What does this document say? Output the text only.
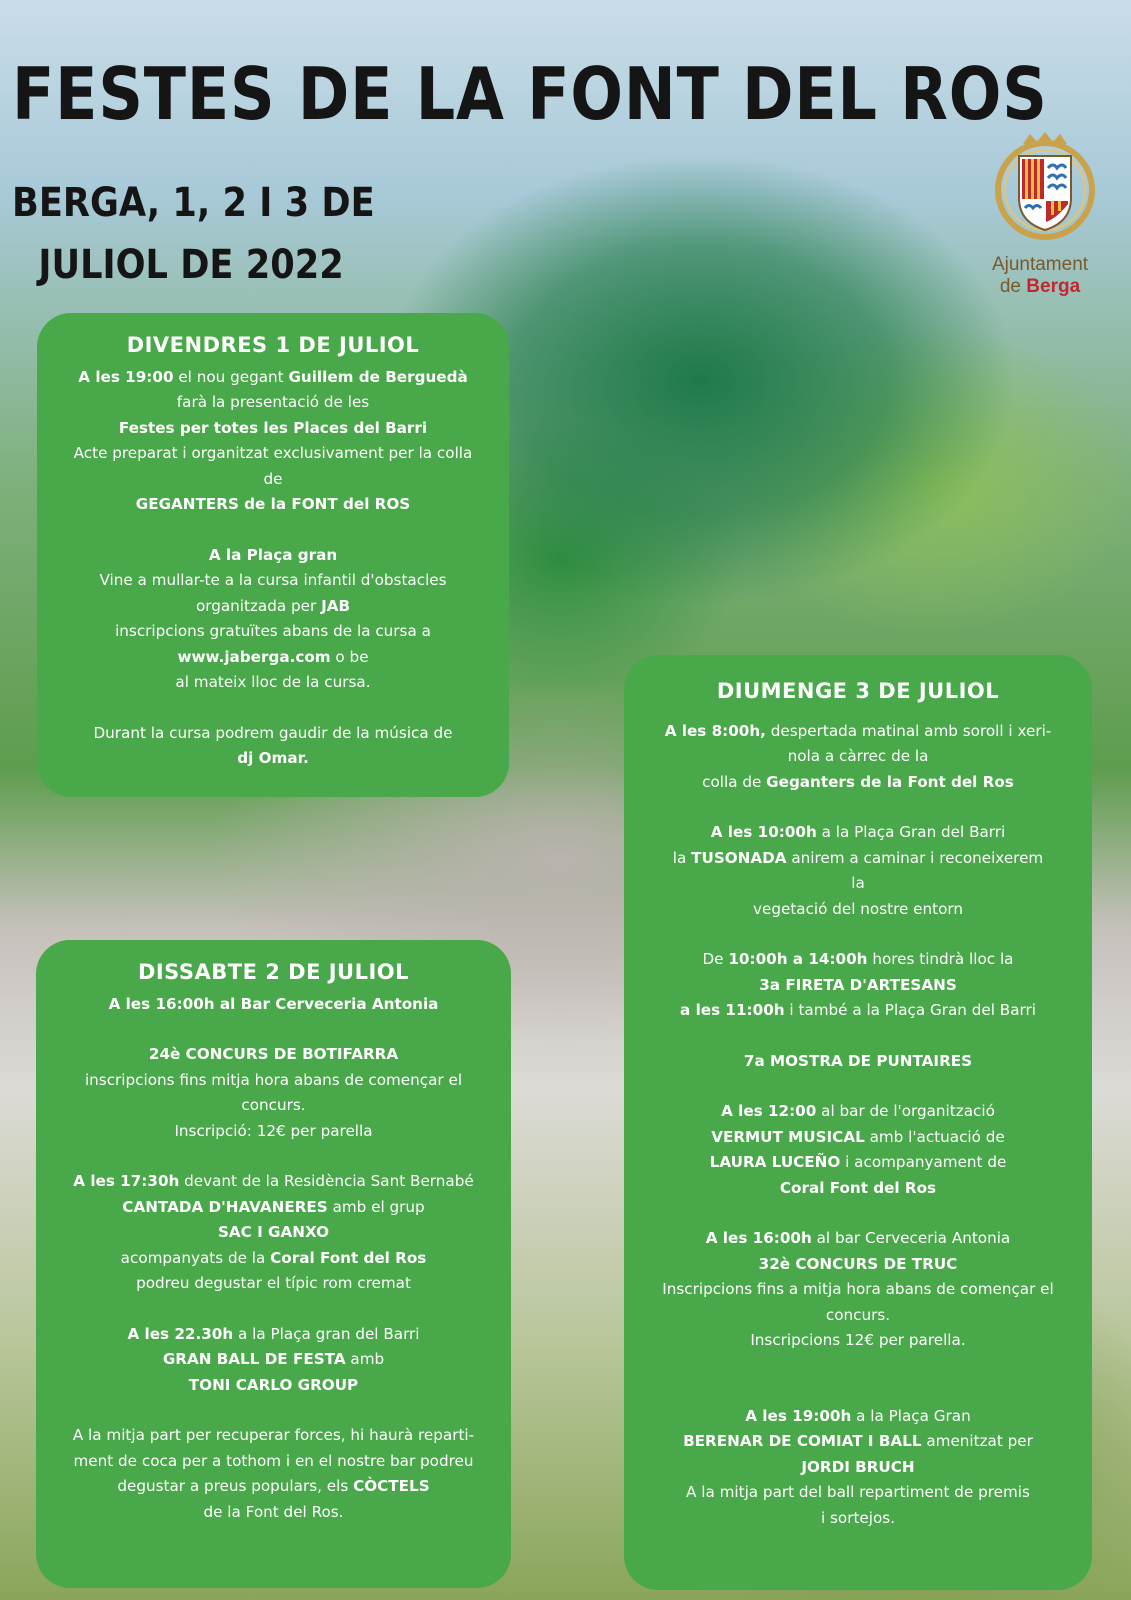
FESTES DE LA FONT DEL ROS
BERGA, 1, 2 I 3 DE
JULIOL DE 2022	Ajuntament
de Berga
DIVENDRES 1 DE JULIOL
A les 19:00 el nou gegant Guillem de Berguedà
farà la presentació de les
Festes per totes les Places del Barri
Acte preparat i organitzat exclusivament per la colla
de
GEGANTERS de la FONT del ROS
A la Plaça gran
Vine a mullar-te a la cursa infantil d'obstacles
organitzada per JAB
inscripcions gratuïtes abans de la cursa a
www.jaberga.com o be
al mateix lloc de la cursa.
Durant la cursa podrem gaudir de la música de
dj Omar.
DISSABTE 2 DE JULIOL
A les 16:00h al Bar Cerveceria Antonia
24è CONCURS DE BOTIFARRA
inscripcions fins mitja hora abans de començar el
concurs.
Inscripció: 12€ per parella
A les 17:30h devant de la Residència Sant Bernabé
CANTADA D'HAVANERES amb el grup
SAC I GANXO
acompanyats de la Coral Font del Ros
podreu degustar el típic rom cremat
A les 22.30h a la Plaça gran del Barri
GRAN BALL DE FESTA amb
TONI CARLO GROUP
A la mitja part per recuperar forces, hi haurà reparti-
ment de coca per a tothom i en el nostre bar podreu
degustar a preus populars, els CÒCTELS
de la Font del Ros.
DIUMENGE 3 DE JULIOL
A les 8:00h, despertada matinal amb soroll i xeri-
nola a càrrec de la
colla de Geganters de la Font del Ros
A les 10:00h a la Plaça Gran del Barri
la TUSONADA anirem a caminar i reconeixerem
la
vegetació del nostre entorn
De 10:00h a 14:00h hores tindrà lloc la
3a FIRETA D'ARTESANS
a les 11:00h i també a la Plaça Gran del Barri
7a MOSTRA DE PUNTAIRES
A les 12:00 al bar de l'organització
VERMUT MUSICAL amb l'actuació de
LAURA LUCEÑO i acompanyament de
Coral Font del Ros
A les 16:00h al bar Cerveceria Antonia
32è CONCURS DE TRUC
Inscripcions fins a mitja hora abans de començar el
concurs.
Inscripcions 12€ per parella.
A les 19:00h a la Plaça Gran
BERENAR DE COMIAT I BALL amenitzat per
JORDI BRUCH
A la mitja part del ball repartiment de premis
i sortejos.
